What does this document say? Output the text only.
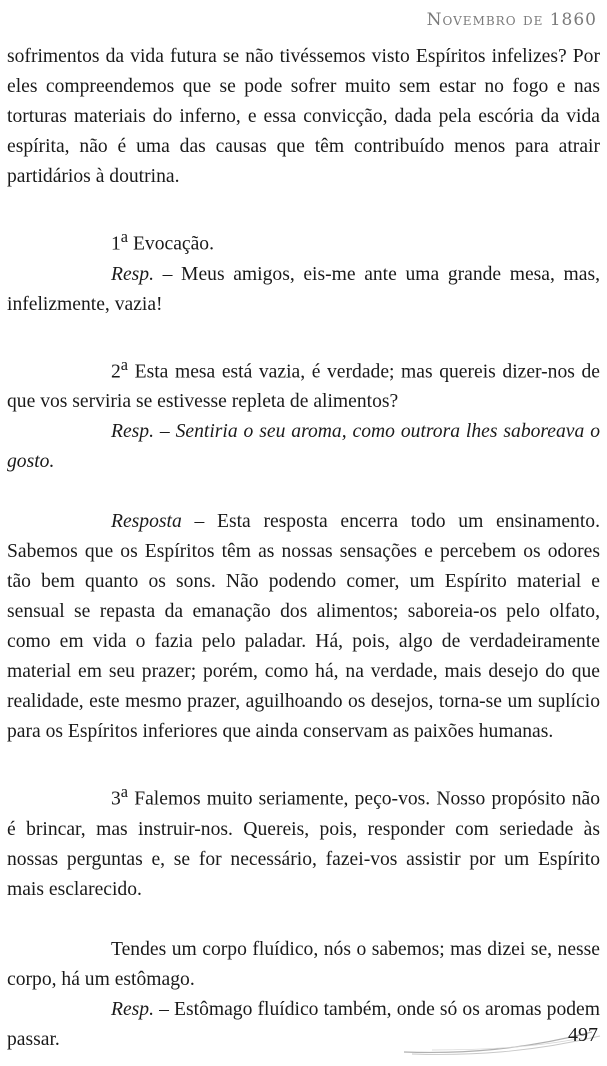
Novembro de 1860

sofrimentos da vida futura se não tivéssemos visto Espíritos infelizes? Por eles compreendemos que se pode sofrer muito sem estar no fogo e nas torturas materiais do inferno, e essa convicção, dada pela escória da vida espírita, não é uma das causas que têm contribuído menos para atrair partidários à doutrina.

1$^a$ Evocação.

Resp. – Meus amigos, eis-me ante uma grande mesa, mas, infelizmente, vazia!

2$^a$ Esta mesa está vazia, é verdade; mas quereis dizer-nos de que vos serviria se estivesse repleta de alimentos?

Resp. – Sentiria o seu aroma, como outrora lhes saboreava o gosto.

Resposta – Esta resposta encerra todo um ensinamento. Sabemos que os Espíritos têm as nossas sensações e percebem os odores tão bem quanto os sons. Não podendo comer, um Espírito material e sensual se repasta da emanação dos alimentos; saboreia-os pelo olfato, como em vida o fazia pelo paladar. Há, pois, algo de verdadeiramente material em seu prazer; porém, como há, na verdade, mais desejo do que realidade, este mesmo prazer, aguilhoando os desejos, torna-se um suplício para os Espíritos inferiores que ainda conservam as paixões humanas.

3$^a$ Falemos muito seriamente, peço-vos. Nosso propósito não é brincar, mas instruir-nos. Quereis, pois, responder com seriedade às nossas perguntas e, se for necessário, fazei-vos assistir por um Espírito mais esclarecido.

Tendes um corpo fluídico, nós o sabemos; mas dizei se, nesse corpo, há um estômago.

Resp. – Estômago fluídico também, onde só os aromas podem passar.	497
